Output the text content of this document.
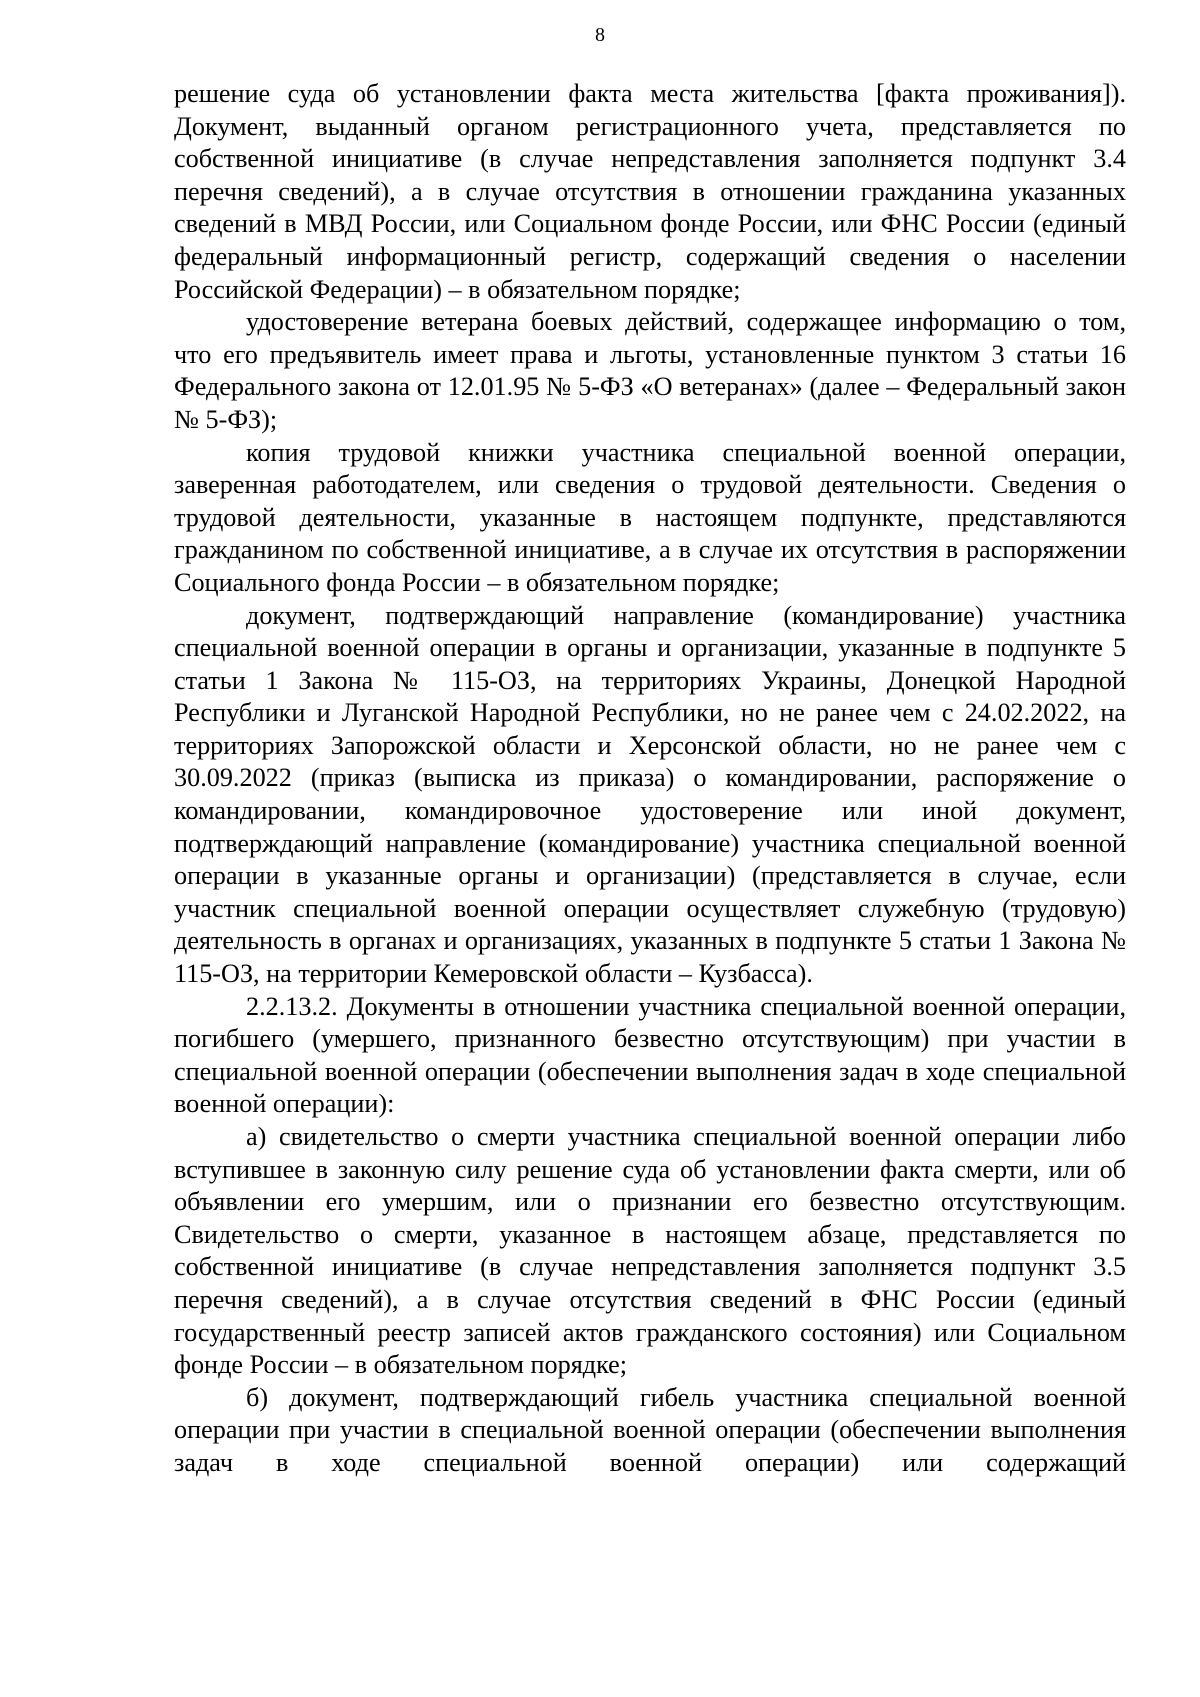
8

решение суда об установлении факта места жительства [факта проживания]). Документ, выданный органом регистрационного учета, представляется по собственной инициативе (в случае непредставления заполняется подпункт 3.4 перечня сведений), а в случае отсутствия в отношении гражданина указанных сведений в МВД России, или Социальном фонде России, или ФНС России (единый федеральный информационный регистр, содержащий сведения о населении Российской Федерации) – в обязательном порядке;

удостоверение ветерана боевых действий, содержащее информацию о том, что его предъявитель имеет права и льготы, установленные пунктом 3 статьи 16 Федерального закона от 12.01.95 № 5-ФЗ «О ветеранах» (далее – Федеральный закон № 5-ФЗ);

копия трудовой книжки участника специальной военной операции, заверенная работодателем, или сведения о трудовой деятельности. Сведения о трудовой деятельности, указанные в настоящем подпункте, представляются гражданином по собственной инициативе, а в случае их отсутствия в распоряжении Социального фонда России – в обязательном порядке;

документ, подтверждающий направление (командирование) участника специальной военной операции в органы и организации, указанные в подпункте 5 статьи 1 Закона № 115-ОЗ, на территориях Украины, Донецкой Народной Республики и Луганской Народной Республики, но не ранее чем с 24.02.2022, на территориях Запорожской области и Херсонской области, но не ранее чем с 30.09.2022 (приказ (выписка из приказа) о командировании, распоряжение о командировании, командировочное удостоверение или иной документ, подтверждающий направление (командирование) участника специальной военной операции в указанные органы и организации) (представляется в случае, если участник специальной военной операции осуществляет служебную (трудовую) деятельность в органах и организациях, указанных в подпункте 5 статьи 1 Закона № 115-ОЗ, на территории Кемеровской области – Кузбасса).

2.2.13.2. Документы в отношении участника специальной военной операции, погибшего (умершего, признанного безвестно отсутствующим) при участии в специальной военной операции (обеспечении выполнения задач в ходе специальной военной операции):

а) свидетельство о смерти участника специальной военной операции либо вступившее в законную силу решение суда об установлении факта смерти, или об объявлении его умершим, или о признании его безвестно отсутствующим. Свидетельство о смерти, указанное в настоящем абзаце, представляется по собственной инициативе (в случае непредставления заполняется подпункт 3.5 перечня сведений), а в случае отсутствия сведений в ФНС России (единый государственный реестр записей актов гражданского состояния) или Социальном фонде России – в обязательном порядке;

б) документ, подтверждающий гибель участника специальной военной операции при участии в специальной военной операции (обеспечении выполнения задач в ходе специальной военной операции) или содержащий
